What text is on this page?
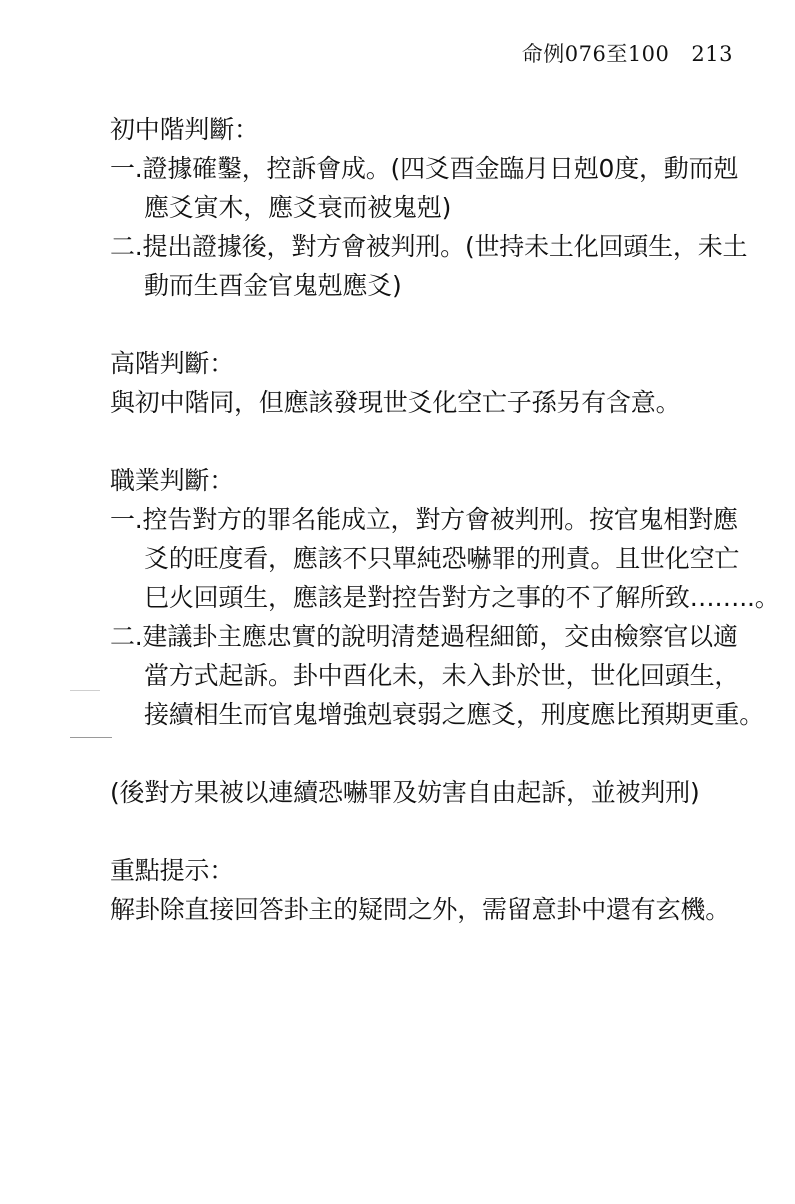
命例076至100 213
初中階判斷：
一.證據確鑿，控訴會成。(四爻酉金臨月日剋0度，動而剋
應爻寅木，應爻衰而被鬼剋)
二.提出證據後，對方會被判刑。(世持未土化回頭生，未土
動而生酉金官鬼剋應爻)
高階判斷：
與初中階同，但應該發現世爻化空亡子孫另有含意。
職業判斷：
一.控告對方的罪名能成立，對方會被判刑。按官鬼相對應
爻的旺度看，應該不只單純恐嚇罪的刑責。且世化空亡
巳火回頭生，應該是對控告對方之事的不了解所致……..。
二.建議卦主應忠實的說明清楚過程細節，交由檢察官以適
當方式起訴。卦中酉化未，未入卦於世，世化回頭生，
接續相生而官鬼增強剋衰弱之應爻，刑度應比預期更重。
(後對方果被以連續恐嚇罪及妨害自由起訴，並被判刑)
重點提示：
解卦除直接回答卦主的疑問之外，需留意卦中還有玄機。
